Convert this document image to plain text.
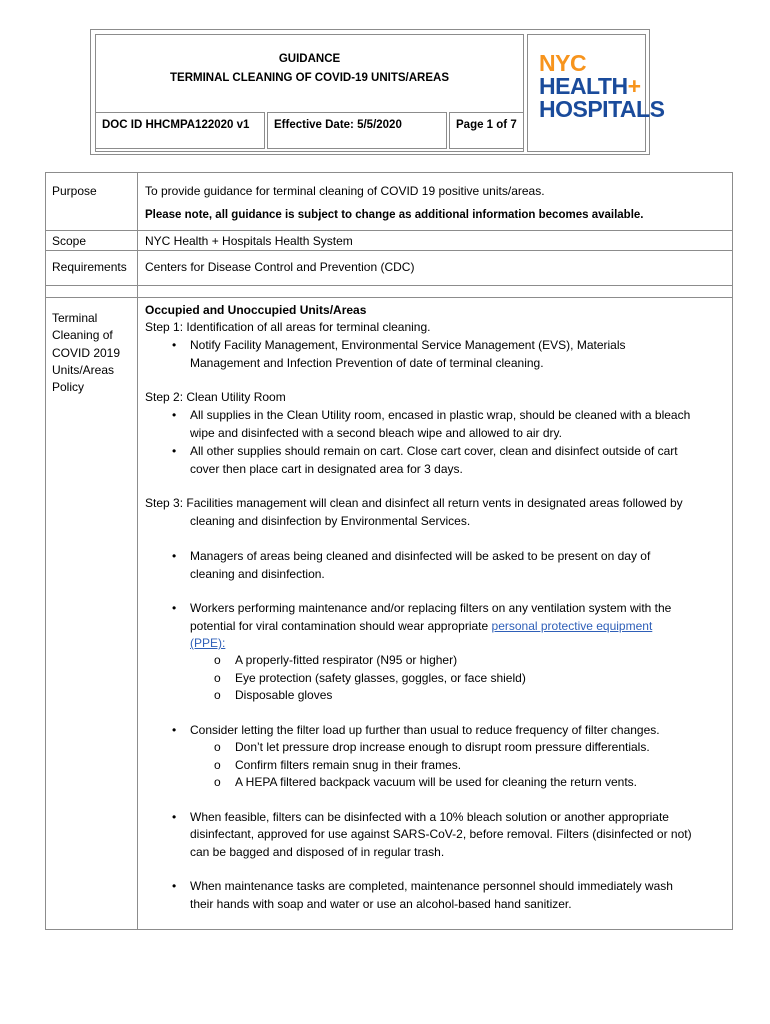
GUIDANCE
TERMINAL CLEANING OF COVID-19 UNITS/AREAS
DOC ID HHCMPA122020 v1 Effective Date: 5/5/2020	Page 1 of 7
NYC
HEALTH+
HOSPITALS
Purpose
Scope
Requirements
Terminal
Cleaning of
COVID 2019
Units/Areas
Policy
To provide guidance for terminal cleaning of COVID 19 positive units/areas.
Please note, all guidance is subject to change as additional information becomes available.
NYC Health + Hospitals Health System
Centers for Disease Control and Prevention (CDC)
Occupied and Unoccupied Units/Areas
Step 1: Identification of all areas for terminal cleaning.
• Notify Facility Management, Environmental Service Management (EVS), Materials
Management and Infection Prevention of date of terminal cleaning.
Step 2: Clean Utility Room
• All supplies in the Clean Utility room, encased in plastic wrap, should be cleaned with a bleach
wipe and disinfected with a second bleach wipe and allowed to air dry.
• All other supplies should remain on cart. Close cart cover, clean and disinfect outside of cart
cover then place cart in designated area for 3 days.
Step 3: Facilities management will clean and disinfect all return vents in designated areas followed by
cleaning and disinfection by Environmental Services.
• Managers of areas being cleaned and disinfected will be asked to be present on day of
cleaning and disinfection.
• Workers performing maintenance and/or replacing filters on any ventilation system with the
potential for viral contamination should wear appropriate personal protective equipment
(PPE):
o A properly-fitted respirator (N95 or higher)
o Eye protection (safety glasses, goggles, or face shield)
o Disposable gloves
• Consider letting the filter load up further than usual to reduce frequency of filter changes.
o Don’t let pressure drop increase enough to disrupt room pressure differentials.
o Confirm filters remain snug in their frames.
o A HEPA filtered backpack vacuum will be used for cleaning the return vents.
• When feasible, filters can be disinfected with a 10% bleach solution or another appropriate
disinfectant, approved for use against SARS-CoV-2, before removal. Filters (disinfected or not)
can be bagged and disposed of in regular trash.
• When maintenance tasks are completed, maintenance personnel should immediately wash
their hands with soap and water or use an alcohol-based hand sanitizer.
